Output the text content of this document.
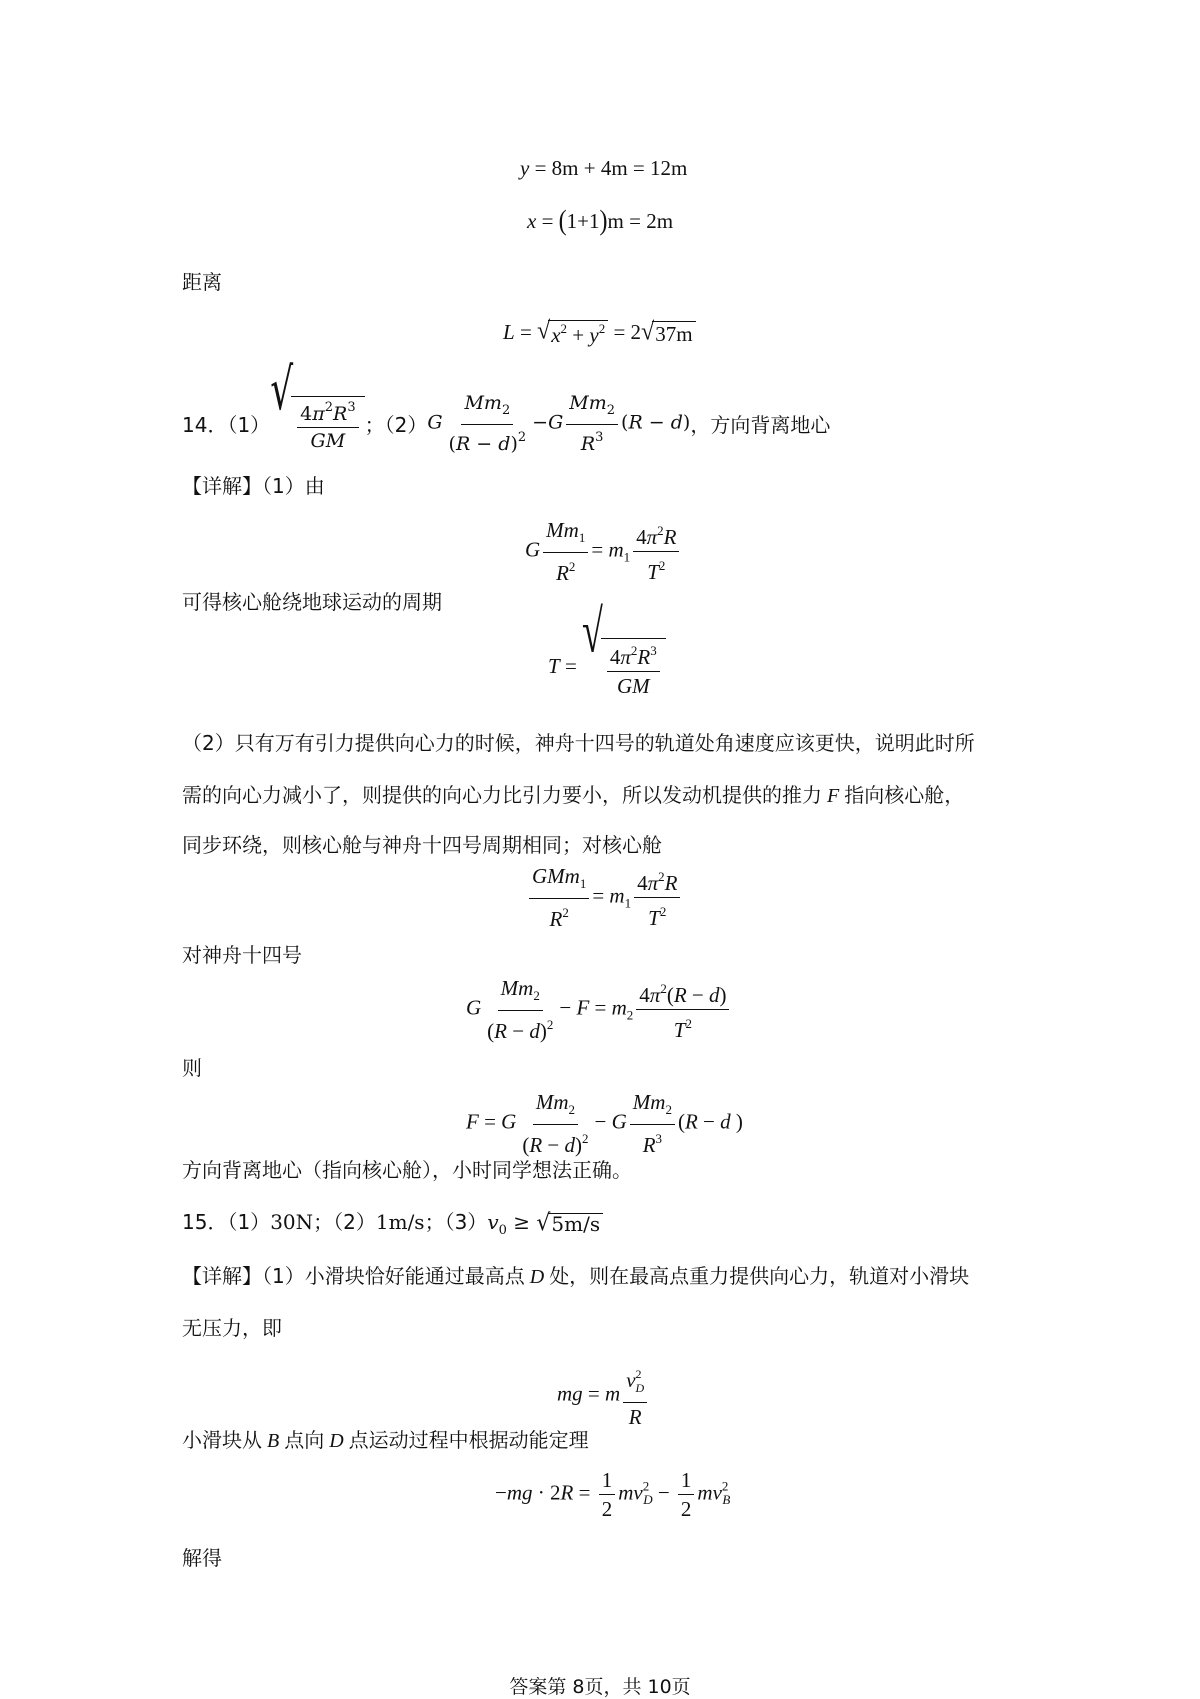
y = 8m + 4m = 12m
x = (1+1)m = 2m
距离
L = √ $x^2 + y^2 = 2$ √ 37m
14．（1）
√
$\frac{4\pi^2R^3}{GM}$ ；（2） G $\frac{Mm_2}{(R - d)^2} -G \frac{Mm_2}{R^3} (R - d)$ ，方向背离地心
【详解】（1）由
G $\frac{Mm_1}{R^2} = m_1 \frac{4\pi^2R}{T^2}$
可得核心舱绕地球运动的周期
T = √
$\frac{4\pi^2R^3}{GM}$
（2）只有万有引力提供向心力的时候，神舟十四号的轨道处角速度应该更快，说明此时所
需的向心力减小了，则提供的向心力比引力要小，所以发动机提供的推力 F 指向核心舱，
同步环绕，则核心舱与神舟十四号周期相同；对核心舱
$\frac{GMm_1}{R^2} = m_1 \frac{4\pi^2R}{T^2}$
对神舟十四号
G $\frac{Mm_2}{(R - d)^2} - F = m_2 \frac{4\pi^2(R - d)}{T^2}$
则
F = G $\frac{Mm_2}{(R - d)^2} - G \frac{Mm_2}{R^3} (R - d$ )
方向背离地心（指向核心舱），小时同学想法正确。
15．（1）30N；（2）1m/s；$(3)v_0$ ≥ √ 5m/s
【详解】（1）小滑块恰好能通过最高点 D 处，则在最高点重力提供向心力，轨道对小滑块
无压力，即
mg = m $\frac{v^2_D}{R}$
小滑块从 B 点向 D 点运动过程中根据动能定理
$-mg \cdot 2R = \frac{1}{2} mv^2_D - \frac{1}{2} mv^2_B$
解得
答案第 8页，共 10页
